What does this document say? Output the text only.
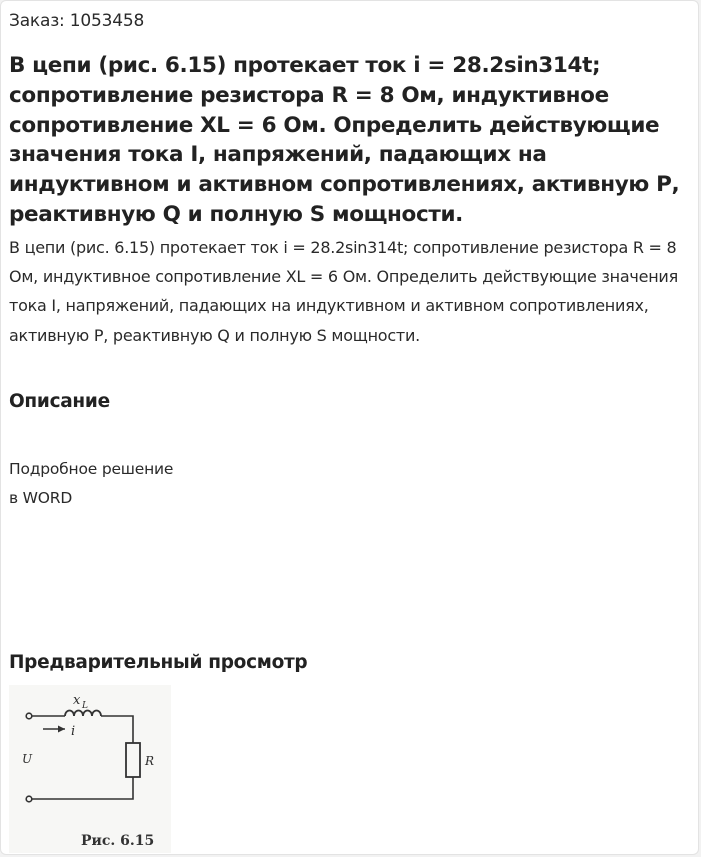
Заказ: 1053458
В цепи (рис. 6.15) протекает ток i = 28.2sin314t; сопротивление резистора R = 8 Ом, индуктивное сопротивление XL = 6 Ом. Определить действующие значения тока I, напряжений, падающих на индуктивном и активном сопротивлениях, активную Р, реактивную Q и полную S мощности.

В цепи (рис. 6.15) протекает ток i = 28.2sin314t; сопротивление резистора R = 8 Ом, индуктивное сопротивление XL = 6 Ом. Определить действующие значения тока I, напряжений, падающих на индуктивном и активном сопротивлениях, активную Р, реактивную Q и полную S мощности.

Описание
Подробное решение
в WORD
Предварительный просмотр
x L
i
U	R
Рис. 6.15
